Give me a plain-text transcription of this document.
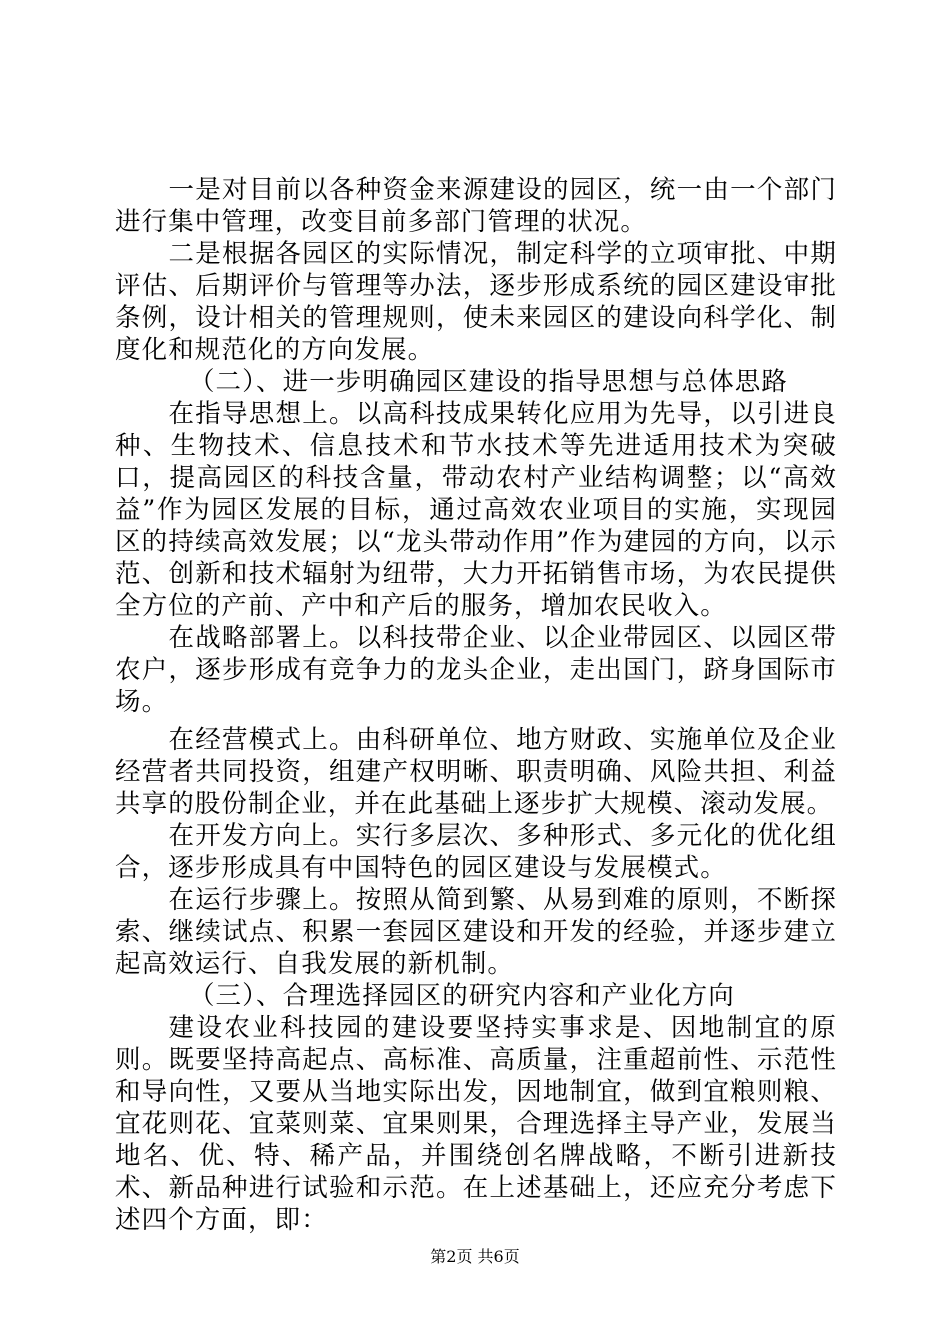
一是对目前以各种资金来源建设的园区，统一由一个部门进行集中管理，改变目前多部门管理的状况。

二是根据各园区的实际情况，制定科学的立项审批、中期评估、后期评价与管理等办法，逐步形成系统的园区建设审批条例，设计相关的管理规则，使未来园区的建设向科学化、制度化和规范化的方向发展。

（二）、进一步明确园区建设的指导思想与总体思路

在指导思想上。以高科技成果转化应用为先导，以引进良种、生物技术、信息技术和节水技术等先进适用技术为突破口，提高园区的科技含量，带动农村产业结构调整；以“高效益”作为园区发展的目标，通过高效农业项目的实施，实现园区的持续高效发展；以“龙头带动作用”作为建园的方向，以示范、创新和技术辐射为纽带，大力开拓销售市场，为农民提供全方位的产前、产中和产后的服务，增加农民收入。

在战略部署上。以科技带企业、以企业带园区、以园区带农户，逐步形成有竞争力的龙头企业，走出国门，跻身国际市场。

在经营模式上。由科研单位、地方财政、实施单位及企业经营者共同投资，组建产权明晰、职责明确、风险共担、利益共享的股份制企业，并在此基础上逐步扩大规模、滚动发展。

在开发方向上。实行多层次、多种形式、多元化的优化组合，逐步形成具有中国特色的园区建设与发展模式。

在运行步骤上。按照从简到繁、从易到难的原则，不断探索、继续试点、积累一套园区建设和开发的经验，并逐步建立起高效运行、自我发展的新机制。

（三）、合理选择园区的研究内容和产业化方向

建设农业科技园的建设要坚持实事求是、因地制宜的原则。既要坚持高起点、高标准、高质量，注重超前性、示范性和导向性，又要从当地实际出发，因地制宜，做到宜粮则粮、宜花则花、宜菜则菜、宜果则果，合理选择主导产业，发展当地名、优、特、稀产品，并围绕创名牌战略，不断引进新技术、新品种进行试验和示范。在上述基础上，还应充分考虑下述四个方面，即：

第2页 共6页
